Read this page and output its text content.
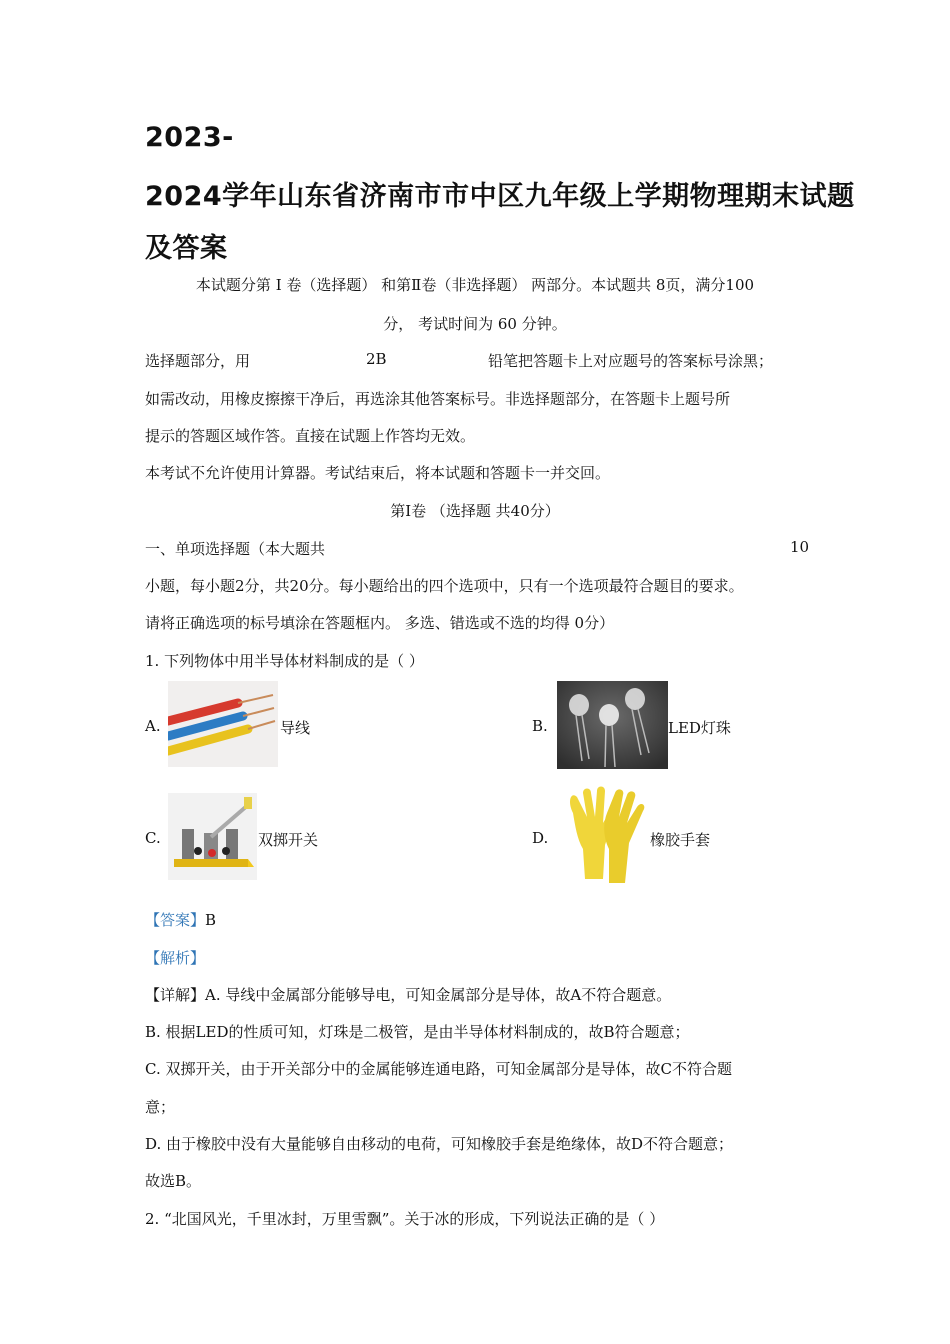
2023-
2024学年山东省济南市市中区九年级上学期物理期末试题
及答案
本试题分第 Ⅰ 卷（选择题） 和第Ⅱ卷（非选择题） 两部分。本试题共 8页，满分100
分， 考试时间为 60 分钟。
选择题部分，用	2B	铅笔把答题卡上对应题号的答案标号涂黑；
如需改动，用橡皮擦擦干净后，再选涂其他答案标号。非选择题部分，在答题卡上题号所
提示的答题区域作答。直接在试题上作答均无效。
本考试不允许使用计算器。考试结束后，将本试题和答题卡一并交回。
第Ⅰ卷 （选择题 共40分）
一、单项选择题（本大题共	10
小题，每小题2分，共20分。每小题给出的四个选项中，只有一个选项最符合题目的要求。
请将正确选项的标号填涂在答题框内。 多选、错选或不选的均得 0分）
1. 下列物体中用半导体材料制成的是（ ）
A.	导线	B.	LED灯珠
C.	双掷开关	D.	橡胶手套
【答案】B
【解析】
【详解】A. 导线中金属部分能够导电，可知金属部分是导体，故A不符合题意。
B. 根据LED的性质可知，灯珠是二极管，是由半导体材料制成的，故B符合题意；
C. 双掷开关，由于开关部分中的金属能够连通电路，可知金属部分是导体，故C不符合题
意；
D. 由于橡胶中没有大量能够自由移动的电荷，可知橡胶手套是绝缘体，故D不符合题意；
故选B。
2. “北国风光，千里冰封，万里雪飘”。关于冰的形成，下列说法正确的是（ ）
